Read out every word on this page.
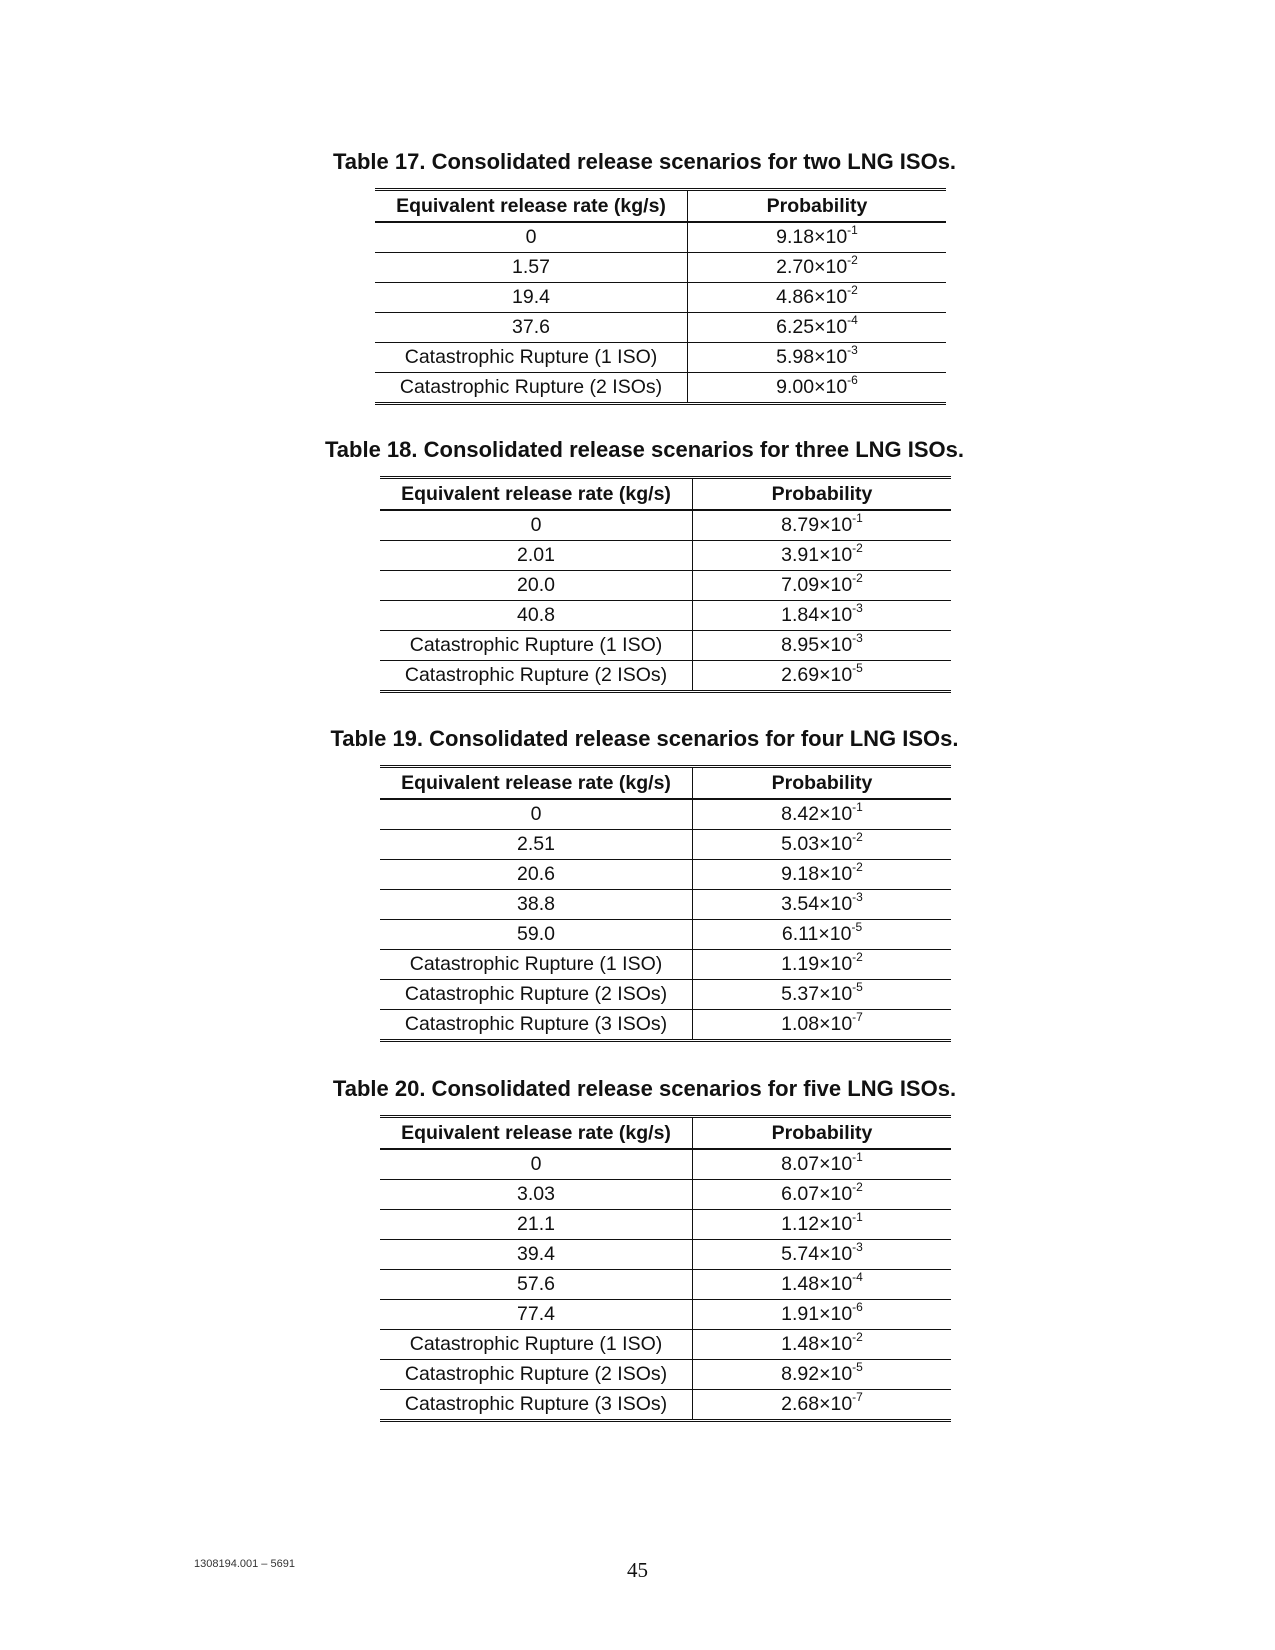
Table 17. Consolidated release scenarios for two LNG ISOs.
Equivalent release rate (kg/s)	Probability
0	$9.18\times 10^{-1}$
1.57	$2.70\times 10^{-2}$
19.4	$4.86\times 10^{-2}$
37.6	$6.25\times 10^{-4}$
Catastrophic Rupture (1 ISO)	$5.98\times 10^{-3}$
Catastrophic Rupture (2 ISOs)	$9.00\times 10^{-6}$
Table 18. Consolidated release scenarios for three LNG ISOs.
Equivalent release rate (kg/s)	Probability
0	$8.79\times 10^{-1}$
2.01	$3.91\times 10^{-2}$
20.0	$7.09\times 10^{-2}$
40.8	$1.84\times 10^{-3}$
Catastrophic Rupture (1 ISO)	$8.95\times 10^{-3}$
Catastrophic Rupture (2 ISOs)	$2.69\times 10^{-5}$
Table 19. Consolidated release scenarios for four LNG ISOs.
Equivalent release rate (kg/s)	Probability
0	$8.42\times 10^{-1}$
2.51	$5.03\times 10^{-2}$
20.6	$9.18\times 10^{-2}$
38.8	$3.54\times 10^{-3}$
59.0	$6.11\times 10^{-5}$
Catastrophic Rupture (1 ISO)	$1.19\times 10^{-2}$
Catastrophic Rupture (2 ISOs)	$5.37\times 10^{-5}$
Catastrophic Rupture (3 ISOs)	$1.08\times 10^{-7}$
Table 20. Consolidated release scenarios for five LNG ISOs.
Equivalent release rate (kg/s)	Probability
0	$8.07\times 10^{-1}$
3.03	$6.07\times 10^{-2}$
21.1	$1.12\times 10^{-1}$
39.4	$5.74\times 10^{-3}$
57.6	$1.48\times 10^{-4}$
77.4	$1.91\times 10^{-6}$
Catastrophic Rupture (1 ISO)	$1.48\times 10^{-2}$
Catastrophic Rupture (2 ISOs)	$8.92\times 10^{-5}$
Catastrophic Rupture (3 ISOs)	$2.68\times 10^{-7}$
1308194.001 – 5691	45
